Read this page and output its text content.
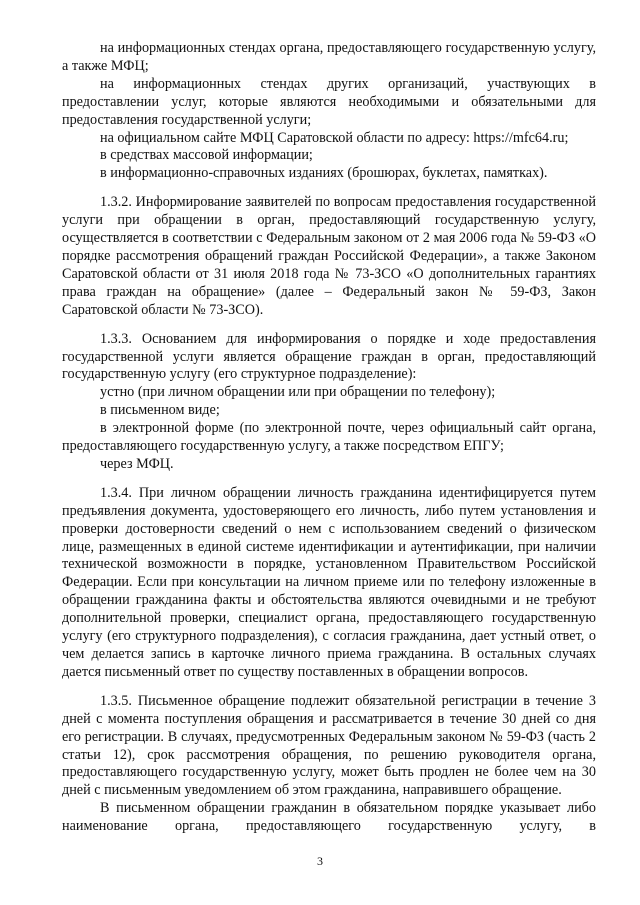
на информационных стендах органа, предоставляющего государственную услугу, а также МФЦ;

на информационных стендах других организаций, участвующих в предоставлении услуг, которые являются необходимыми и обязательными для предоставления государственной услуги;

на официальном сайте МФЦ Саратовской области по адресу: https://mfc64.ru;

в средствах массовой информации;

в информационно-справочных изданиях (брошюрах, буклетах, памятках).

1.3.2. Информирование заявителей по вопросам предоставления государственной услуги при обращении в орган, предоставляющий государственную услугу, осуществляется в соответствии с Федеральным законом от 2 мая 2006 года № 59-ФЗ «О порядке рассмотрения обращений граждан Российской Федерации», а также Законом Саратовской области от 31 июля 2018 года № 73-ЗСО «О дополнительных гарантиях права граждан на обращение» (далее – Федеральный закон № 59-ФЗ, Закон Саратовской области № 73-ЗСО).

1.3.3. Основанием для информирования о порядке и ходе предоставления государственной услуги является обращение граждан в орган, предоставляющий государственную услугу (его структурное подразделение):

устно (при личном обращении или при обращении по телефону);

в письменном виде;

в электронной форме (по электронной почте, через официальный сайт органа, предоставляющего государственную услугу, а также посредством ЕПГУ;

через МФЦ.

1.3.4. При личном обращении личность гражданина идентифицируется путем предъявления документа, удостоверяющего его личность, либо путем установления и проверки достоверности сведений о нем с использованием сведений о физическом лице, размещенных в единой системе идентификации и аутентификации, при наличии технической возможности в порядке, установленном Правительством Российской Федерации. Если при консультации на личном приеме или по телефону изложенные в обращении гражданина факты и обстоятельства являются очевидными и не требуют дополнительной проверки, специалист органа, предоставляющего государственную услугу (его структурного подразделения), с согласия гражданина, дает устный ответ, о чем делается запись в карточке личного приема гражданина. В остальных случаях дается письменный ответ по существу поставленных в обращении вопросов.

1.3.5. Письменное обращение подлежит обязательной регистрации в течение 3 дней с момента поступления обращения и рассматривается в течение 30 дней со дня его регистрации. В случаях, предусмотренных Федеральным законом № 59-ФЗ (часть 2 статьи 12), срок рассмотрения обращения, по решению руководителя органа, предоставляющего государственную услугу, может быть продлен не более чем на 30 дней с письменным уведомлением об этом гражданина, направившего обращение.

В письменном обращении гражданин в обязательном порядке указывает либо наименование органа, предоставляющего государственную услугу, в

3
